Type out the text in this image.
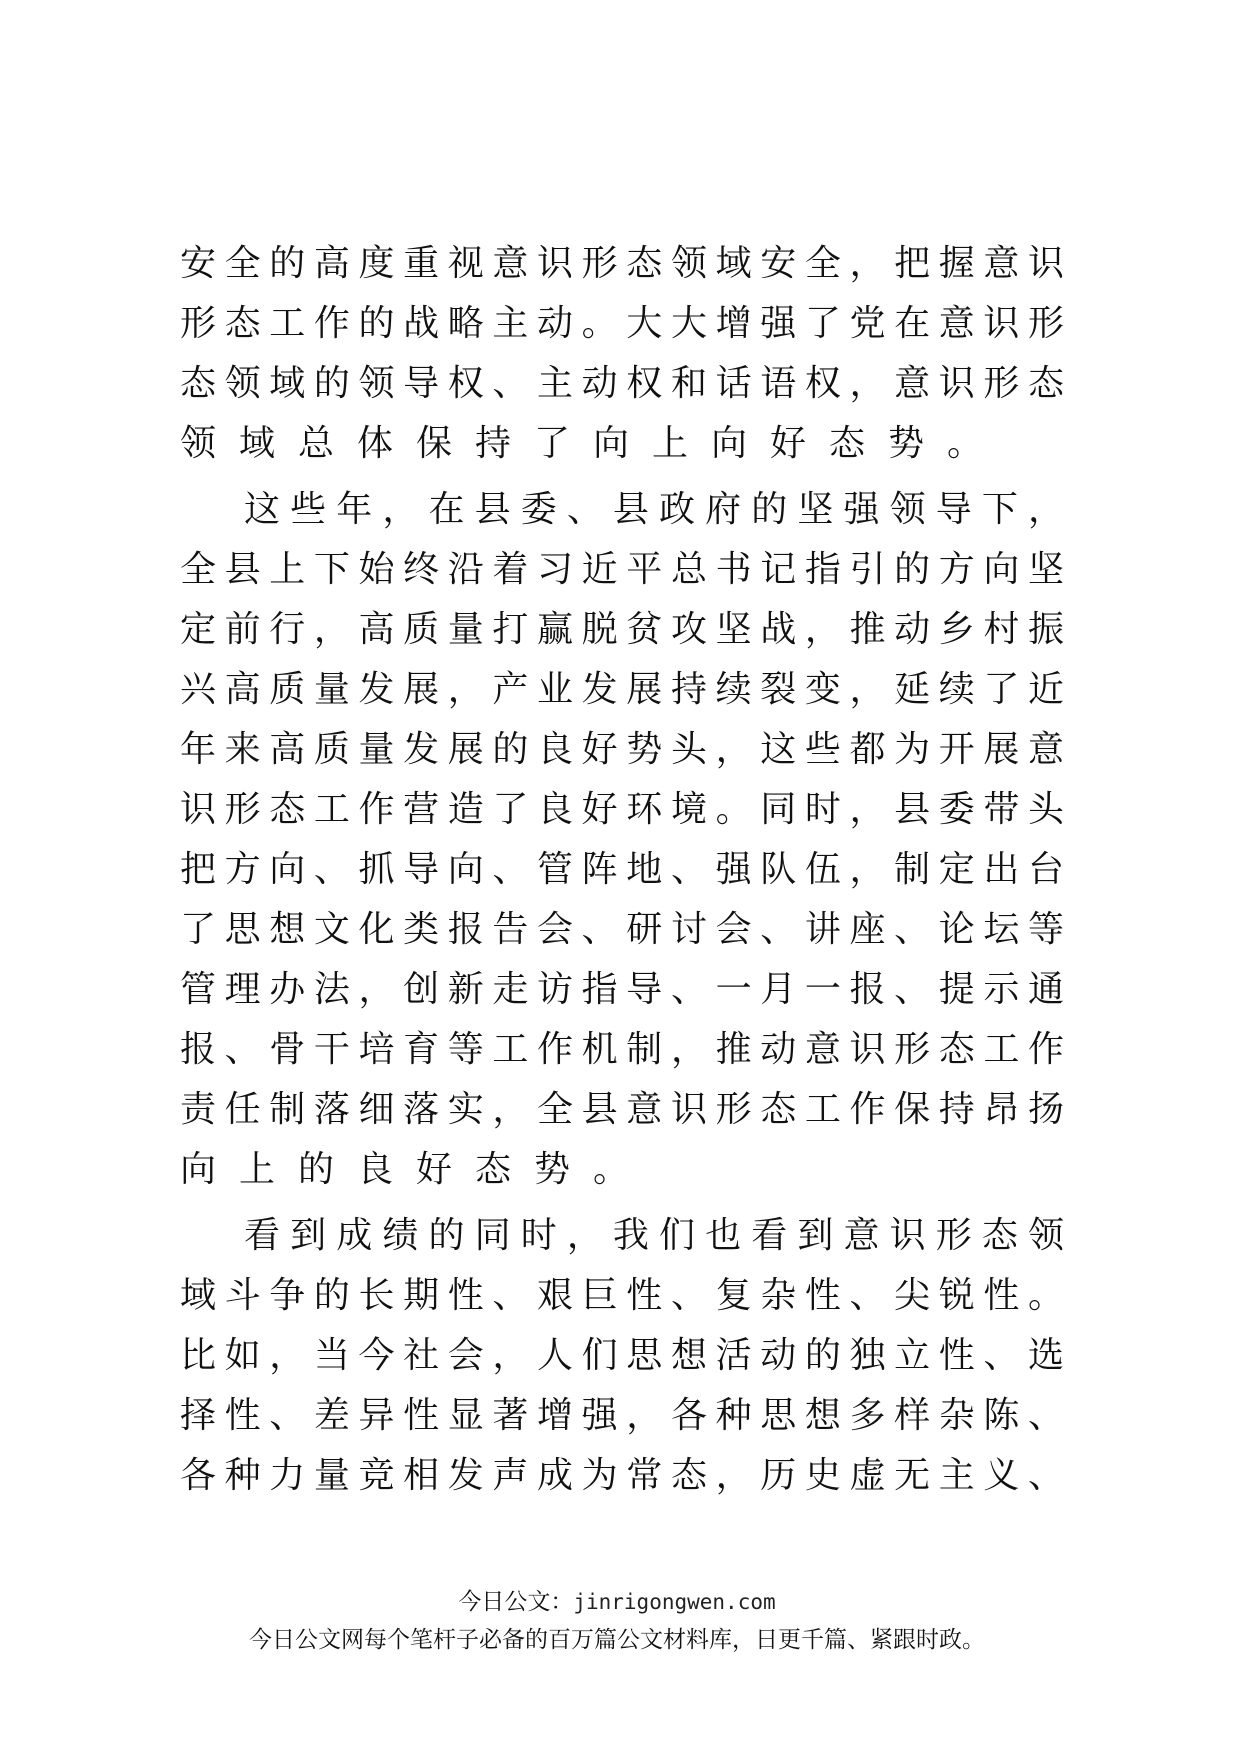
安全的高度重视意识形态领域安全，把握意识
形态工作的战略主动。大大增强了党在意识形
态领域的领导权、主动权和话语权，意识形态
领域总体保持了向上向好态势。
这些年，在县委、县政府的坚强领导下，
全县上下始终沿着习近平总书记指引的方向坚
定前行，高质量打赢脱贫攻坚战，推动乡村振
兴高质量发展，产业发展持续裂变，延续了近
年来高质量发展的良好势头，这些都为开展意
识形态工作营造了良好环境。同时，县委带头
把方向、抓导向、管阵地、强队伍，制定出台
了思想文化类报告会、研讨会、讲座、论坛等
管理办法，创新走访指导、一月一报、提示通
报、骨干培育等工作机制，推动意识形态工作
责任制落细落实，全县意识形态工作保持昂扬
向上的良好态势。
看到成绩的同时，我们也看到意识形态领
域斗争的长期性、艰巨性、复杂性、尖锐性。
比如，当今社会，人们思想活动的独立性、选
择性、差异性显著增强，各种思想多样杂陈、
各种力量竞相发声成为常态，历史虚无主义、
今日公文：jinrigongwen.com
今日公文网每个笔杆子必备的百万篇公文材料库，日更千篇、紧跟时政。
